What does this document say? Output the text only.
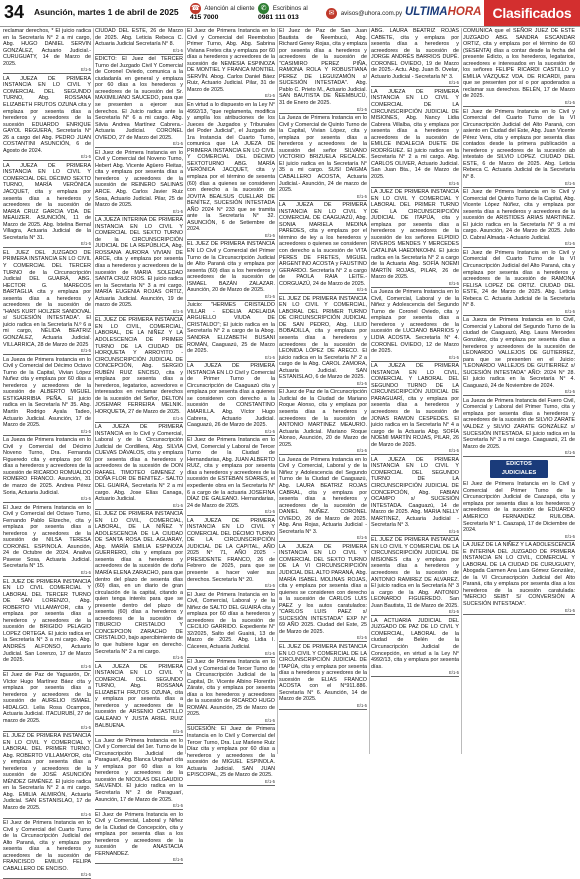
34 Asunción, martes 1 de abril de 2025 ☎ Atención al cliente
415 7000
✆ Escribinos al
0981 111 013
✉ avisos@uhora.com.py ULTIMAHORA Clasificados

reclamar derechos, * El juicio radica en la Secretaría N° 2 a mi cargo, Abg. HUGO DANIEL SERVIN GONZÁLEZ, Actuario Judicial.- CURUGUATY, 14 de Marzo de 2025.

E/1-5

LA JUEZA DE PRIMERA INSTANCIA EN LO CIVIL Y COMERCIAL DEL SEGUNDO TURNO, Abg. ROSSANA ELIZABETH FRUTOS OZUNA cita y emplaza por sesenta días a herederos y acreedores de la sucesión EDUARDO ENRIQUE GAYOL REGUERA, Secretaría N° 26 a cargo del Abg. PEDRO JUAN COSTANTINI ASUNCIÓN, 6 de Agosto de 2024.

E/1-5

LA JUEZA DE PRIMERA INSTANCIA EN LO CIVIL Y COMERCIAL DEL DÉCIMO SEXTO TURNO, MARÍA VERÓNICA JACQUET, cita y emplaza por sesenta días a herederos y acreedores de la sucesión de MARIA CRUZ GARCIA VDA. DE MEAUZER. ASUNCIÓN, 11 de Marzo de 2025. Abg. Ixtelina Bernal Villagra, Actuaria Judicial de la Secretaría N° 31.

E/1-5

EL JUEZ DEL JUZGADO DE PRIMERA INSTANCIA EN LO CIVIL Y COMERCIAL DEL TERCER TURNO de la Circunscripción Judicial DEL GUAIRÁ, ABG. HECTOR G. MARECOS BARTAGLIA cita y emplaza por sesenta días a herederos y acreedores de la sucesión de "HANS KURT HOLZER SANDOVAL s/ SUCESIÓN INTESTADA". El juicio radica en la Secretaría N.º 6 a mi cargo, NÉLIDA BEATRIZ GONZÁLEZ, Actuaria Judicial. VILLARRICA, 28 de Marzo de 2025

E/1-5

La Jueza de Primera Instancia en lo Civil y Comercial del Décimo Octavo Turno de la Capital, Vivian López Nuñez cita y emplaza por 60 días a herederos y acreedores de la sucesión de ALBERTO MIGUEL ESTIGARRIBIA PEÑA. El juicio radica en la Secretaría N° 35. Abg. Martín Rodrigo Ayala Tadeo, Actuario Judicial. Asunción, 17 de Marzo de 2025.

E/1-5

La Jueza de Primera Instancia en lo Civil y Comercial del Décimo Noveno Turno, Dra. Fernanda Figueredo cita y emplaza por 60 días a herederos y acreedores de la sucesión de RICARDO ROMUALDO ROMERO FRANCO. Asunción, 31 de marzo de 2025. Andrea Pérez Soria, Actuaria Judicial.

E/1-5

El Juez de Primera Instancia en lo Civil y Comercial del Octavo Turno, Fernando Pablo Elizeche, cita y emplaza por sesenta días a herederos y acreedores de la sucesión de NILSA TERESA CORONEL ESPINOLA. Asunción, 24 de Octubre de 2024. Analiva Pavese Sosa, Actuaria Judicial. Secretaría N° 15.

E/1-5

EL JUEZ DE PRIMERA INSTANCIA EN LO CIVIL COMERCIAL Y LABORAL DEL TERCER TURNO DE SAN LORENZO, Abg. ROBERTO VILLAMAYOR, cita y emplaza por sesenta días a herederos y acreedores de la sucesión de BRIGIDO PELAGIO LOPEZ ORTEGA. El juicio radica en la Secretaría N° 3 a mi cargo. Abg. ANDRÉS ALFONSO, Actuario Judicial. San Lorenzo, 17 de Marzo de 2025.

E/1-5

El Juez de Paz de Yaguarón, Dr. Víctor Hugo Martínez Báez cita y emplaza por sesenta días a herederos y acreedores de la sucesión de AURELIO ISMAEL HIDALGO. Lelia Rosa Ocampos, Actuaria Judicial. ITACURUBÍ, 27 de marzo de 2025.

E/1-5

EL JUEZ DE PRIMERA INSTANCIA EN LO CIVIL Y COMERCIAL Y LABORAL DEL PRIMER TURNO, Abg. ROBERTO VILLAMAYOR, cita y emplaza por sesenta días a herederos y acreedores de la sucesión de JOSÉ ASUNCIÓN MÉNDEZ GIMÉNEZ. El juicio radica en la Secretaría N° 2 a mi cargo. Abg. EMILIA ALMIRÓN, Actuaria Judicial. SAN ESTANISLAO, 17 de Marzo de 2025.

E/1-5

El Juez de Primera Instancia en lo Civil y Comercial del Cuarto Turno de la Circunscripción Judicial del Alto Paraná, cita y emplaza por sesenta días a herederos y acreedores de la sucesión de FRANCISCO EMILIO FELIPA CABALLERO DE ENCISO.

E/1-5

CIUDAD DEL ESTE, 26 de Marzo de 2025. Abg. Leticia Rebeca C. Actuaria Judicial Secretaría N° 8.

E/1-5

EDICTO: El Juez del TERCER Turno del Juzgado Civil Y Comercial de Coronel Oviedo, comunica a la ciudadanía en general y emplaza por 60 días a los herederos y acreedores de la sucesión del Sr. MAXIMILIANO SAUCEDO, para que se presenten a ejercer sus derechos. El Juicio radica ante la Secretaría N° 6 a mi cargo. Abg. Silvia Andrea Martínez Cabrera.- Actuaria Judicial. CORONEL OVIEDO, 27 de Marzo del 2025.

E/1-5

El Juez de Primera Instancia en lo Civil y Comercial del Noveno Turno, Hebert Abg. Vicente Agüero Fleitas, cita y emplaza por sesenta días a herederos y acreedores de la sucesión de REINERO SALINAS ARCE. Abg. Carlos Javier Ruiz Sosa, Actuario Judicial. Pilar, 25 de Marzo de 2025.

E/1-5

LA JUEZA INTERINA DE PRIMERA INSTANCIA EN LO CIVIL Y COMERCIAL DEL SEXTO TURNO de la CIRCUNSCRIPCIÓN JUDICIAL DE LA REPÚBLICA, Abg. ROSSANA AURORA VIVIAN DE ARCE, cita y emplaza por sesenta días a herederos y acreedores de la sucesión de MARIA SOLEDAD SANTA CRUZ RIOS. El juicio radica en la Secretaría N° 3 a mi cargo. MARÍA EUGENIA ROJAS ORTIZ, Actuaria Judicial. Asunción, 19 de marzo de 2025.

E/1-5

EL JUEZ DE PRIMERA INSTANCIA EN LO CIVIL, COMERCIAL, LABORAL, DE LA NIÑEZ Y LA ADOLESCENCIA DE PRIMER TURNO DE LA CIUDAD DE HORQUETA Y ARROYITO - CIRCUNSCRIPCIÓN JUDICIAL DE CONCEPCIÓN, Abg. SERGIO RUBÉN RUIZ ENCISO, cita y emplaza por sesenta días a herederos, legatarios, acreedores e interesados en reclamar derechos de la sucesión del Señor, DELTON JOSEMAR FERREIRA MELNIK. HORQUETA, 27 de Marzo de 2025.

E/1-5

LA JUEZA DE PRIMERA INSTANCIA en lo Civil y Comercial, Laboral y de la Circunscripción Judicial de Cordillera, Abg. SILVIA CUEVAS DÁVALOS, cita y emplaza por sesenta días a herederos y acreedores de la sucesión de DON RAFAEL TIMOTEO GIMENEZ y DOÑA FLOR DE BENITEZ.- SALTO DEL GUAIRÁ, Secretaría N° 2 a mi cargo. Abg. Jose Elías Canaga, Actuario Judicial.

E/1-5

EL JUEZ DE PRIMERA INSTANCIA EN LO CIVIL, COMERCIAL, LABORAL, DE LA NIÑEZ Y ADOLESCENCIA DE LA CIUDAD DE SANTA ROSA DEL AGUARAY, Abg. MARÍA EMILIA ESPINOZA GUERRERO, cita y emplaza por sesenta días a herederos y acreedores de la sucesión de doña MARÍA ELENA ZARACHO, para que dentro del plazo de sesenta días (60) días, en un diario de gran circulación de la capital, citando a quien tenga interés para que se presente dentro del plazo de sesenta (60) días a herederos y acreedores de la sucesión de TIBURCIO CRISTALDO Y CONCEPCION ZARACHO DE CRISTALDO, bajo apercibimiento de lo que hubiere lugar en derecho. Secretaría N° 2 a mi cargo.

E/1-5

LA JUEZA DE PRIMERA INSTANCIA EN LO CIVIL Y COMERCIAL DEL SEGUNDO TURNO, Abg. ROSSANA ELIZABETH FRUTOS OZUNA, cita y emplaza por sesenta días a herederos y acreedores de la sucesión de ARSENIO CASTILLO GALEANO Y JUSTA ARIEL RUIZ BALBUENA.

E/1-5

La Juez de Primera Instancia en lo Civil y Comercial del 1er. Turno de la Circunscripción Judicial de Paraguarí, Abg. Blanca Urquhart cita y emplaza por 60 días a los herederos y acreedores de la sucesión de NICOLAS DELGAUDIO SALVENDI. El juicio radica en la Secretaría N° 2 de Paraguarí, Asunción, 17 de Marzo de 2025.

E/1-5

El Juez de Primera Instancia en lo Civil y Comercial, Laboral y Niñez de la Ciudad de Concepción, cita y emplaza por sesenta días a los herederos y acreedores de la sucesión de ANASTACIA FERNANDEZ.

E/1-5

El Juez de Primera Instancia en lo Civil y Comercial del Reembolso Primer Turno, Abg. Abg. Sabrina Viviana Fretes cita y emplaza por 60 días a herederos y acreedores de la sucesión de NEMESIA ESPINOZA DE MONTIEL Y FRANCA MONTIEL SERVÍN. Abog. Carlos Daniel Báez Ruiz, Actuario Judicial. Pilar, 31 de Marzo de 2025.

E/1-5

En virtud a lo dispuesto en la Ley N° 4992/13, "que reglamenta, modifica y amplía los atribuciones de los Jueces de Juzgados y Tribunales del Poder Judicial", el Juzgado de 1ra Instancia del Cuarto Turno, comunica que LA JUEZA DE PRIMERA INSTANCIA EN LO CIVIL Y COMERCIAL DEL DÉCIMO SEXTOTURNO ABG. MARÍA VERÓNICA JACQUET, cita y emplaza por el término de sesenta (60) días a quienes se consideren con derecho a la sucesión de JOVITA BEALSUS CUELLAR DE BENÍTEZ, SUCESIÓN INTESTADA AÑO 2024 N° 233 que se tramita ante la Secretaría N° 32. ASUNCIÓN, 6 de Setiembre de 2024.

E/1-5

EL JUEZ DE PRIMERA INSTANCIA EN LO Civil y Comercial del Primer Turno de la Circunscripción Judicial de Alto Paraná cita y emplaza por sesenta (60) días a los herederos y acreedores de la sucesión de ISMAEL BAZÁN ZALAZAR. Asunción, 20 de Marzo de 2025.

E/1-5

Juicio: "HERMES CRISTALDO VILLAR - EDELIA ADELAIDA ARGUELLO VIUDA DE CRISTALDO"; El juicio radica en la Secretaría N° 2 a cargo de la Abog. SANDRA ELIZABETH BUSANI ROMÁN, Caaguazú, 25 de Marzo de 2025.

E/1-5

LA JUEZA DE PRIMERA INSTANCIA EN LO Civil y Comercial de Primer Turno de la Circunscripción de Caaguazú cita y emplaza por sesenta días a quienes se consideren con derecho a la sucesión de CONSTANTINO AMARILLA. Abg. Víctor Hugo Cabrera, Actuario Judicial. Caaguazú, 26 de Marzo de 2025.

E/1-5

El Juez de Primera Instancia en lo Civil, Comercial y Laboral de Tercer Turno de la Ciudad de Hernandarias, Abg. JUAN ALBERTO RUIZ, cita y emplaza por sesenta días a herederos y acreedores de la sucesión de ESTEBAN SOARES, el expediente obra en la Secretaría N° 6 a cargo de la actuaria JOSEFINA DÍAZ DE GALEANO. Hernandarias, 24 de Marzo de 2025.

E/1-5

LA JUEZA DE PRIMERA INSTANCIA EN LO CIVIL Y COMERCIAL DEL DÉCIMO TURNO DE LA CIRCUNSCRIPCIÓN JUDICIAL DE LA CAPITAL, AÑO 2025 N° 71, AÑO 2025 - PRESIDENTE FRANCO, 26 de Febrero de 2025, para que se presente a hacer valer sus derechos. Secretaría N° 20.

E/1-5

El Juez de Primera Instancia en lo Civil, Comercial, Laboral y de la Niñez de SALTO DEL GUAIRÁ cita y emplaza por 60 días a herederos y acreedores de la sucesión de CECILIO GARRIDO. Expediente N° 32/2025, Salto del Guairá, 13 de Marzo de 2025. Abg. Lidia I. Cáceres, Actuaria Judicial.

E/1-5

El Juez de Primera Instancia en lo Civil y Comercial de Tercer Turno de la Circunscripción Judicial de la Capital, Dr. Vicente Albino Florentín Zárate, cita y emplaza por sesenta días a los herederos y acreedores de la sucesión de RICARDO HUGO ROMÁN. Asunción, 25 de Marzo de 2025.

E/1-5

SUCESIÓN: El Juez de Primera Instancia en lo Civil y Comercial del Tercer Turno, Dra. Luz Marlene Ruiz Díaz cita y emplaza por 60 días a herederos y acreedores de la sucesión de MIGUEL ESPINOLA. Actuaria Judicial. SAN JUAN EPISCOPAL, 25 de Marzo de 2025.

E/1-5

El Juez de Paz de San Juan Bautista de Ñeembucú, Abg. Richard Gerey Rojas, cita y emplaza por sesenta días a herederos y acreedores de la sucesión de "CASIMIRO PEREZ PIÑA, RAMONA ROLA Y ROBUSTIANA PEREZ DE LEGUIZAMÓN s/ SUCESIÓN INTESTADA". Abg. Pablo C. Prieto M., Actuario Judicial. SAN BAUTISTA DE ÑEEMBUCÚ, 31 de Enero de 2025.

E/1-5

La Jueza de Primera Instancia en lo Civil y Comercial de Quinto Turno de la Capital, Vivian López, cita y emplaza por sesenta días a herederos y acreedores de la sucesión del señor SILVANO VICTORIO BRIZUELA RECALDE. El juicio radica en la Secretaría N° 35 a mi cargo. SUSI DAIGMA CABALLERO ACOSTA, Actuaria Judicial.- Asunción, 24 de marzo de 2025.

E/1-5

LA JUEZA DE PRIMERA INSTANCIA EN LO CIVIL Y COMERCIAL DE CAAGUAZÚ, Abg. SONIA MARIELA MEDINA PAREDES, cita y emplaza por el término de ley a los herederos y acreedores o quienes se consideren con derecho a la sucesión de VITA PERES DE FRETES, MIGUEL ARGENTINO ACOSTA y FAUSTINO GERARDO. Secretaría N° 2 a cargo de PAOLA RAIA LEITE.- CORGUAZÚ, 24 de Marzo de 2025.

E/1-5

EL JUEZ DE PRIMERA INSTANCIA EN LO CIVIL Y COMERCIAL, LABORAL DEL PRIMER TURNO DE CIRCUNSCRIPCIÓN JUDICIAL DE SAN PEDRO, Abg. LILIO BOBADILLA, cita y emplaza por sesenta días a herederos y acreedores de la sucesión de LEONIDA LÓPEZ DE ARECO. El juicio radica en la Secretaría N° 2 a cargo de la Abg. CAROL ZAMORA, Actuaria Judicial. SAN ESTANISLAO, 6 de Marzo de 2025.

E/1-5

El Juez de Paz de la Circunscripción Judicial de la Ciudad de Mariano Roque Alonso, cita y emplaza por sesenta días a herederos y acreedores de la sucesión de ANTONIO MARTINEZ MEAURIO. Actuaria Judicial. Mariano Roque Alonso, Asunción, 20 de Marzo de 2025.

E/1-5

La Jueza de Primera Instancia en lo Civil y Comercial, Laboral y de la Niñez y Adolescencia del Segundo Turno de la Ciudad de Caaguazú, Abg. LAURA BEATRIZ ROJAS CABRAL, cita y emplaza por sesenta días a herederos y acreedores de la sucesión de DANIEL NUÑEZ. CORONEL OVIEDO, 26 de Marzo de 2025. Abg. Ana Rojas, Actuaria Judicial - Secretaría N° 3.

E/1-5

LA JUEZA DE PRIMERA INSTANCIA EN LO CIVIL Y COMERCIAL DEL SEXTO TURNO DE LA VI CIRCUNSCRIPCIÓN JUDICIAL DEL ALTO PARANÁ, Abg. MARÍA ISABEL MOLINAS ROJAS, cita y emplaza por sesenta días a quienes se consideren con derecho a la sucesión de CARLOS LUIS PAEZ y los autos caratulados: "CARLOS LUIS PAEZ s/ SUCESIÓN INTESTADA" EXP N° 69 AÑO 2025. Ciudad del Este, 25 de Marzo de 2025.

E/1-5

EL JUEZ DE PRIMERA INSTANCIA EN LO CIVIL Y COMERCIAL DE LA CIRCUNSCRIPCIÓN JUDICIAL DE ITAPÚA, cita y emplaza por sesenta días a herederos y acreedores de la sucesión de ELIAS FRANCO ACOSTA con el N°911.886. Secretaría N° 6. Asunción, 14 de Marzo de 2025.

E/1-5

ABG. LAURA BEATRIZ ROJAS CABETE, cita y emplaza por sesenta días a herederos y acreedores de la sucesión de JORGE ANDRÉS BARRIOS DUPÉ. CORONEL OVIEDO, 19 de Marzo de 2025.- Actu. Abg. Juan B. Ovelar, Actuario Judicial - Secretaría N° 3.

E/1-5

LA JUEZA DE PRIMERA INSTANCIA EN LO CIVIL Y COMERCIAL DE LA CIRCUNSCRIPCIÓN JUDICIAL DE MISIONES, Abg. Nancy Lidia Cabrera Villalba, cita y emplaza por sesenta días a herederos y acreedores de la sucesión de EMILCE INDALECIA DUETE DE RODRÍGUEZ. El juicio radica en la Secretaría N° 2 a mi cargo. Abg. CARLOS OLIVER, Actuario Judicial. San Juan Bta., 14 de Marzo de 2025.

E/1-5

LA JUEZ DE PRIMERA INSTANCIA EN LO CIVIL Y COMERCIAL Y LABORAL DEL PRIMER TURNO DE LA CIRCUNSCRIPCIÓN JUDICIAL DE ITAPÚA, cita y emplaza por sesenta días a herederos y acreedores de la sucesión de los señores ELPIDIO RIVEROS MENDES Y MERCEDES CATALINA HAEDINKOHN. El juicio radica en la Secretaría N° 2 a cargo de la Actuaria Abg. SOFÍA NOEMI MARTÍN ROJAS, PILAR, 26 de Marzo de 2025.

E/1-5

La Jueza de Primera Instancia en lo Civil, Comercial, Laboral y de la Niñez y Adolescencia del Segundo Turno de Coronel Oviedo, cita y emplaza por sesenta días a herederos y acreedores de la sucesión de LUCIANO BARRIOS y LIDIA ACOSTA. Secretaría N° 4. CORONEL OVIEDO, 12 de Marzo de 2025.

E/1-5

LA JUEZA DE PRIMERA INSTANCIA EN LO CIVIL, COMERCIAL Y LABORAL DEL SEGUNDO TURNO DE LA CIRCUNSCRIPCIÓN JUDICIAL DE PARAGUARÍ, cita y emplaza por sesenta días a herederos y acreedores de la sucesión de JONAS RAMON CESPEDES. El juicio radica en la Secretaría N° 4 a cargo de la Actuaria Abg. SOFÍA NOEMI MARTÍN ROJAS, PILAR, 26 de Marzo de 2025.

E/1-5

LA JUEZA DE PRIMERA INSTANCIA EN LO CIVIL Y COMERCIAL DEL SEGUNDO TURNO DE LA CIRCUNSCRIPCIÓN JUDICIAL DE CONCEPCIÓN, Abg. FABIAN OCAMPO s/ SUCESIÓN INTESTADA. Caaguazú, 14 de Marzo de 2025. Abg. MARIA NELLY MARTINEZ, Actuaria Judicial - Secretaría N° 3.

E/1-5

EL JUEZ DE PRIMERA INSTANCIA EN LO CIVIL Y COMERCIAL DE LA CIRCUNSCRIPCIÓN JUDICIAL DE MISIONES cita y emplaza por sesenta días a herederos y acreedores de la sucesión de ANTONIO RAMIREZ DE ALVAREZ. El juicio radica en la Secretaría N° 3 a cargo de la Abg. ANTONIO LEONARDO FIGUEREDO. San Juan Bautista, 11 de Marzo de 2025.

E/1-5

LA ACTUARIA JUDICIAL DEL JUZGADO DE PAZ DE LO CIVIL Y COMERCIAL, LABORAL de la ciudad de Belén de la Circunscripción Judicial de Concepción, en virtud a la Ley N° 4992/13, cita y emplaza por sesenta días.

E/1-5

COMUNICA que el SEÑOR JUEZ DE ESTE JUZGADO ABG. SANDRA ESCANDAR ORTIZ, cita y emplaza por el término de 60 (SESENTA) días a contar desde la fecha del presente Edicto, a los herederos, legatarios, acreedores e interesados en la sucesión de los señores FELIPE RICARDI CASTILLO y EMILIA VÁZQUEZ VDA. DE RICARDI, para que se presenten por sí o por apoderados a reclamar sus derechos. BELÉN, 17 de Marzo de 2025.

E/1-5

El Juez de Primera Instancia en lo Civil y Comercial del Cuarto Turno de la VI Circunscripción Judicial del Alto Paraná, con asiento en Ciudad del Este, Abg. Juan Vicente Pérez Vera, cita y emplaza por sesenta días contados desde la primera publicación a herederos y acreedores de la sucesión ab intestato de SILVIO LOPEZ. CIUDAD DEL ESTE, 6 de Marzo de 2025. Abg. Leticia Rebeca C. Actuaria Judicial de la Secretaría N° 8.

E/1-5

El Juez de Primera Instancia en lo Civil y Comercial del Quinto Turno de la Capital, Abg. Vicente López Núñez, cita y emplaza por sesenta días a herederos y acreedores de la sucesión de ARISTIDES ARIAS MARTINEZ. El juicio radica en la Secretaría N° 9 a mi cargo. Asunción, 24 de Marzo de 2025. Julio D. Cabral Almada - Actuario Judicial.

E/1-5

El Juez de Primera Instancia en lo Civil y Comercial del Cuarto Turno de la VI Circunscripción Judicial del Alto Paraná, cita y emplaza por sesenta días a herederos y acreedores de la sucesión de RAMONA FELISA LOPEZ DE ORTIZ. CIUDAD DEL ESTE, 24 de Marzo de 2025. Abg. Leticia Rebeca C. Actuaria Judicial de la Secretaría N° 8.

E/1-5

La Jueza de Primera Instancia en lo Civil, Comercial y Laboral del Segundo Turno de la ciudad de Caaguazú, Abg. Laura Mercedes González, cita y emplaza por sesenta días a herederos y acreedores de la sucesión de LEONARDO VALLEJOS DE GUTIERREZ, para que se presenten en el Juicio: "LEONARDO VALLEJOS DE GUTIERREZ s/ SUCESIÓN INTESTADA" AÑO: 2024 N° 28. El juicio radica en la Secretaría N° 4. Caaguazú, 24 de Noviembre de 2024.

E/1-5

La Jueza de Primera Instancia del Fuero Civil, Comercial y Laboral del Primer Turno, cita y emplaza por sesenta días a herederos y acreedores de la sucesión de SILVIO ZARATE VALDEZ y SILVIO ZARATE GONZÁLEZ s/ SUCESIÓN INTESTADA. El juicio radica en la Secretaría N° 3 a mi cargo. Caaguazú, 21 de Marzo de 2025.

E/1-5
EDICTOS JUDICIALES

El Juez de Primera Instancia en lo Civil y Comercial del Primer Turno de la Circunscripción Judicial de Caazapá, cita y emplaza por sesenta días a los herederos y acreedores de la sucesión de EDUARDO AMERICO FERNANDEZ RUILOBA. Secretaría N° 1. Caazapá, 17 de Diciembre de 2024.

E/1-5

LA JUEZ DE LA NIÑEZ Y LA ADOLESCENCIA E INTERINA DEL JUZGADO DE PRIMERA INSTANCIA EN LO CIVIL, COMERCIAL Y LABORAL DE LA CIUDAD DE CURUGUATY, Abogada Carmen Ana Lara Gómez González, de la VI Circunscripción Judicial del Alto Paraná, cita y emplaza por sesenta días a los herederos de la sucesión caratulada: "MERCIO SEIBT S/ CONVERSIÓN A SUCESIÓN INTESTADA".

E/1-5
